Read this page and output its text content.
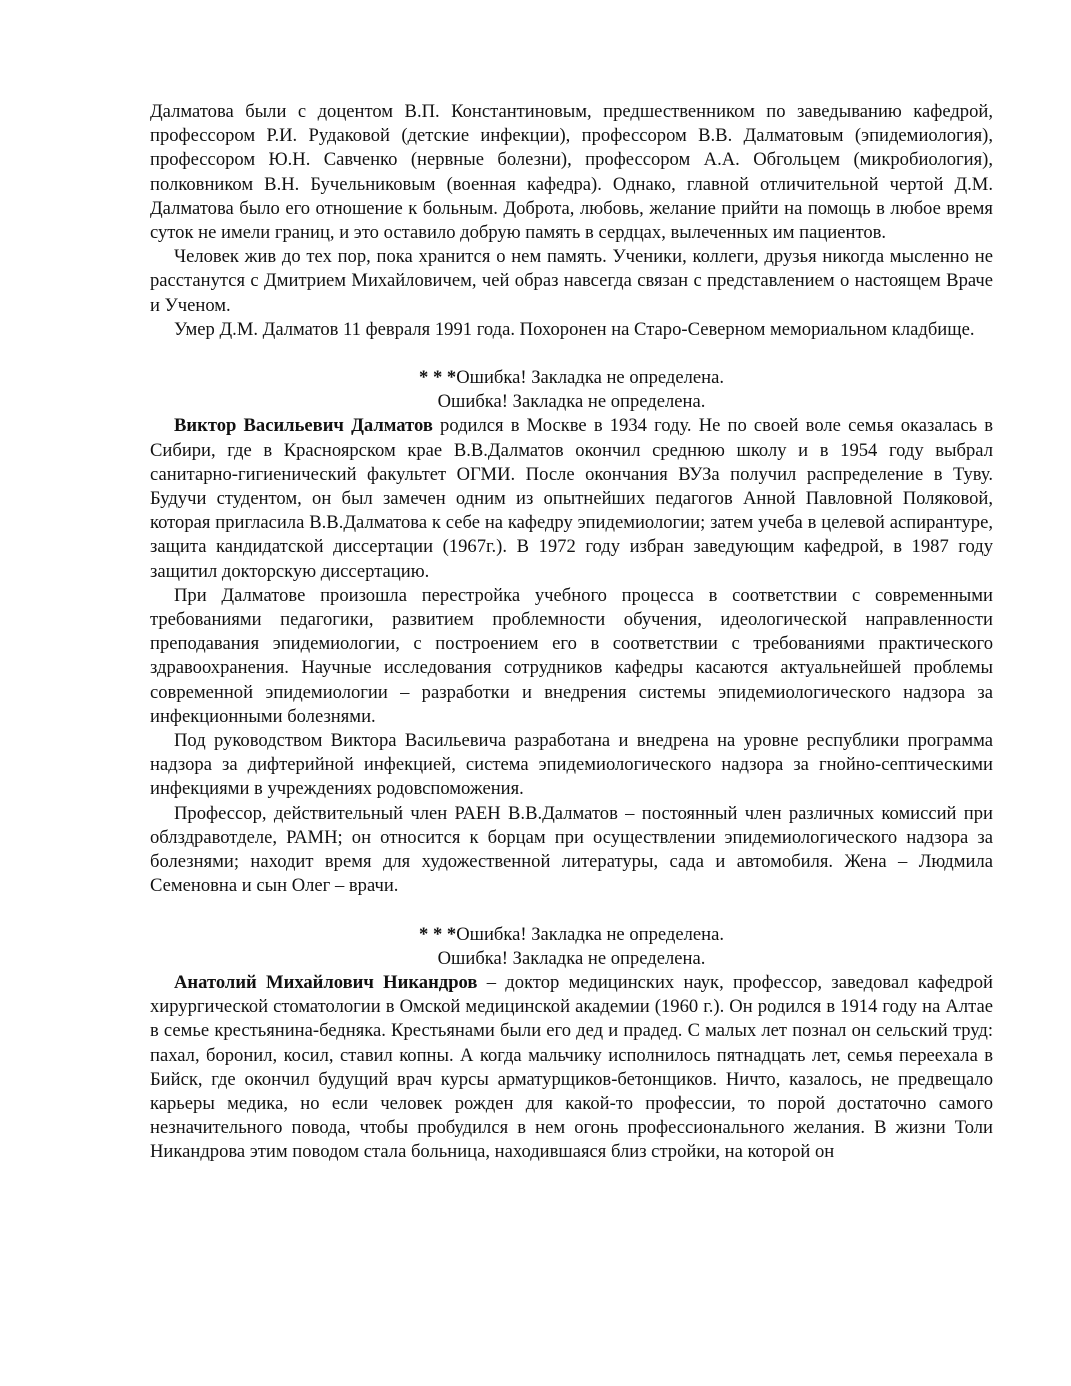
Далматова были с доцентом В.П. Константиновым, предшественником по заведыванию кафедрой, профессором Р.И. Рудаковой (детские инфекции), профессором В.В. Далматовым (эпидемиология), профессором Ю.Н. Савченко (нервные болезни), профессором А.А. Обгольцем (микробиология), полковником В.Н. Бучельниковым (военная кафедра). Однако, главной отличительной чертой Д.М. Далматова было его отношение к больным. Доброта, любовь, желание прийти на помощь в любое время суток не имели границ, и это оставило добрую память в сердцах, вылеченных им пациентов.

Человек жив до тех пор, пока хранится о нем память. Ученики, коллеги, друзья никогда мысленно не расстанутся с Дмитрием Михайловичем, чей образ навсегда связан с представлением о настоящем Враче и Ученом.

Умер Д.М. Далматов 11 февраля 1991 года. Похоронен на Старо-Северном мемориальном кладбище.

* * *Ошибка! Закладка не определена.
Ошибка! Закладка не определена.

Виктор Васильевич Далматов родился в Москве в 1934 году. Не по своей воле семья оказалась в Сибири, где в Красноярском крае В.В.Далматов окончил среднюю школу и в 1954 году выбрал санитарно-гигиенический факультет ОГМИ. После окончания ВУЗа получил распределение в Туву. Будучи студентом, он был замечен одним из опытнейших педагогов Анной Павловной Поляковой, которая пригласила В.В.Далматова к себе на кафедру эпидемиологии; затем учеба в целевой аспирантуре, защита кандидатской диссертации (1967г.). В 1972 году избран заведующим кафедрой, в 1987 году защитил докторскую диссертацию.

При Далматове произошла перестройка учебного процесса в соответствии с современными требованиями педагогики, развитием проблемности обучения, идеологической направленности преподавания эпидемиологии, с построением его в соответствии с требованиями практического здравоохранения. Научные исследования сотрудников кафедры касаются актуальнейшей проблемы современной эпидемиологии – разработки и внедрения системы эпидемиологического надзора за инфекционными болезнями.

Под руководством Виктора Васильевича разработана и внедрена на уровне республики программа надзора за дифтерийной инфекцией, система эпидемиологического надзора за гнойно-септическими инфекциями в учреждениях родовспоможения.

Профессор, действительный член РАЕН В.В.Далматов – постоянный член различных комиссий при облздравотделе, РАМН; он относится к борцам при осуществлении эпидемиологического надзора за болезнями; находит время для художественной литературы, сада и автомобиля. Жена – Людмила Семеновна и сын Олег – врачи.

* * *Ошибка! Закладка не определена.
Ошибка! Закладка не определена.

Анатолий Михайлович Никандров – доктор медицинских наук, профессор, заведовал кафедрой хирургической стоматологии в Омской медицинской академии (1960 г.). Он родился в 1914 году на Алтае в семье крестьянина-бедняка. Крестьянами были его дед и прадед. С малых лет познал он сельский труд: пахал, боронил, косил, ставил копны. А когда мальчику исполнилось пятнадцать лет, семья переехала в Бийск, где окончил будущий врач курсы арматурщиков-бетонщиков. Ничто, казалось, не предвещало карьеры медика, но если человек рожден для какой-то профессии, то порой достаточно самого незначительного повода, чтобы пробудился в нем огонь профессионального желания. В жизни Толи Никандрова этим поводом стала больница, находившаяся близ стройки, на которой он
